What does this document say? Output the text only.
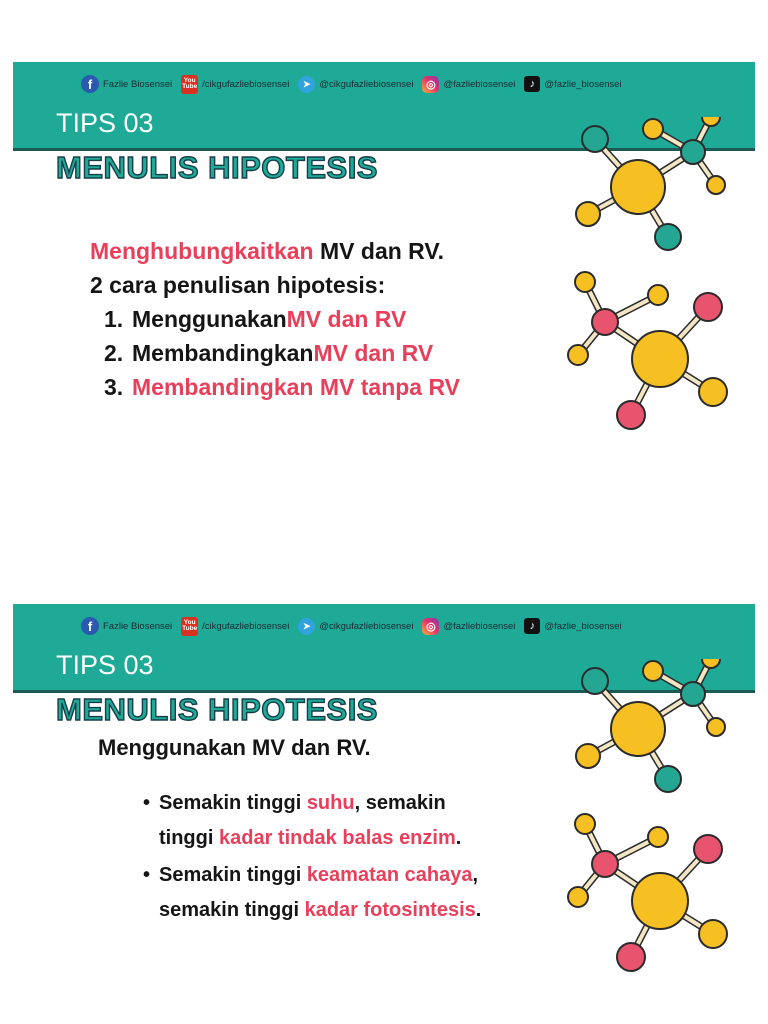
f	Fazlie Biosensei You
Tube /cikgufazliebiosensei	➤ @cikgufazliebiosensei	◎ @fazliebiosensei	♪ @fazlie_biosensei
TIPS 03
MENULIS HIPOTESIS
Menghubungkaitkan MV dan RV.
2 cara penulisan hipotesis:
1. Menggunakan MV dan RV
2. Membandingkan MV dan RV
3. Membandingkan MV tanpa RV
f	Fazlie Biosensei You
Tube /cikgufazliebiosensei	➤ @cikgufazliebiosensei	◎ @fazliebiosensei	♪ @fazlie_biosensei
TIPS 03
MENULIS HIPOTESIS
Menggunakan MV dan RV.
• Semakin tinggi suhu, semakin
tinggi kadar tindak balas enzim.
• Semakin tinggi keamatan cahaya,
semakin tinggi kadar fotosintesis.
